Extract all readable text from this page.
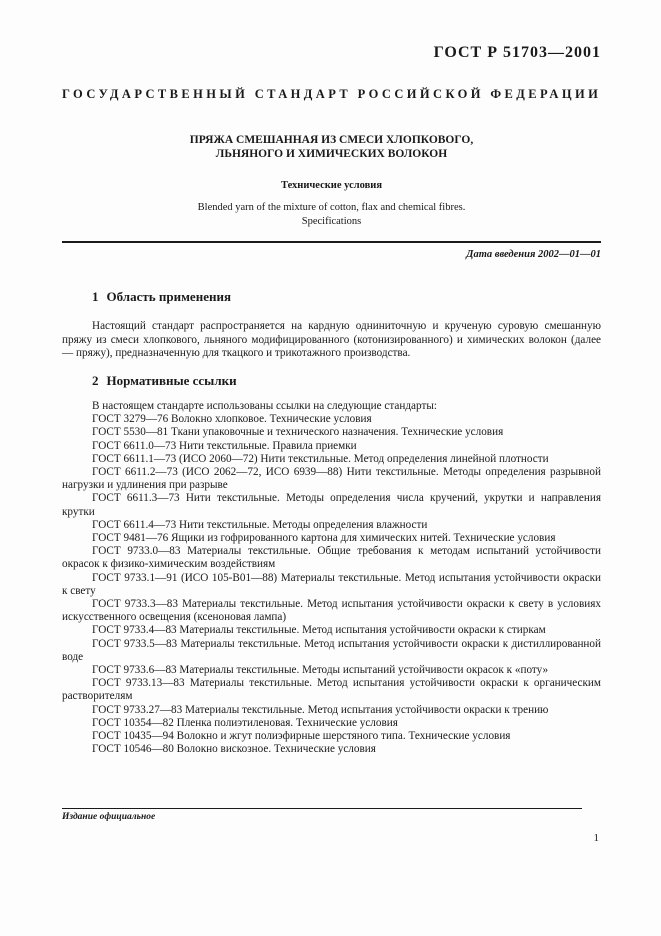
ГОСТ Р 51703—2001
ГОСУДАРСТВЕННЫЙ СТАНДАРТ РОССИЙСКОЙ ФЕДЕРАЦИИ
ПРЯЖА СМЕШАННАЯ ИЗ СМЕСИ ХЛОПКОВОГО,
ЛЬНЯНОГО И ХИМИЧЕСКИХ ВОЛОКОН
Технические условия
Blended yarn of the mixture of cotton, flax and chemical fibres.
Specifications
Дата введения 2002—01—01
1 Область применения

Настоящий стандарт распространяется на кардную одниниточную и крученую суровую смешанную пряжу из смеси хлопкового, льняного модифицированного (котонизированного) и химических волокон (далее — пряжу), предназначенную для ткацкого и трикотажного производства.

2 Нормативные ссылки
В настоящем стандарте использованы ссылки на следующие стандарты:
ГОСТ 3279—76 Волокно хлопковое. Технические условия
ГОСТ 5530—81 Ткани упаковочные и технического назначения. Технические условия
ГОСТ 6611.0—73 Нити текстильные. Правила приемки
ГОСТ 6611.1—73 (ИСО 2060—72) Нити текстильные. Метод определения линейной плотности
ГОСТ 6611.2—73 (ИСО 2062—72, ИСО 6939—88) Нити текстильные. Методы определения разрывной нагрузки и удлинения при разрыве
ГОСТ 6611.3—73 Нити текстильные. Методы определения числа кручений, укрутки и направления крутки
ГОСТ 6611.4—73 Нити текстильные. Методы определения влажности
ГОСТ 9481—76 Ящики из гофрированного картона для химических нитей. Технические условия
ГОСТ 9733.0—83 Материалы текстильные. Общие требования к методам испытаний устойчивости окрасок к физико-химическим воздействиям
ГОСТ 9733.1—91 (ИСО 105-В01—88) Материалы текстильные. Метод испытания устойчивости окраски к свету
ГОСТ 9733.3—83 Материалы текстильные. Метод испытания устойчивости окраски к свету в условиях искусственного освещения (ксеноновая лампа)
ГОСТ 9733.4—83 Материалы текстильные. Метод испытания устойчивости окраски к стиркам
ГОСТ 9733.5—83 Материалы текстильные. Метод испытания устойчивости окраски к дистиллированной воде
ГОСТ 9733.6—83 Материалы текстильные. Методы испытаний устойчивости окрасок к «поту»
ГОСТ 9733.13—83 Материалы текстильные. Метод испытания устойчивости окраски к органическим растворителям
ГОСТ 9733.27—83 Материалы текстильные. Метод испытания устойчивости окраски к трению
ГОСТ 10354—82 Пленка полиэтиленовая. Технические условия
ГОСТ 10435—94 Волокно и жгут полиэфирные шерстяного типа. Технические условия
ГОСТ 10546—80 Волокно вискозное. Технические условия
Издание официальное
1
